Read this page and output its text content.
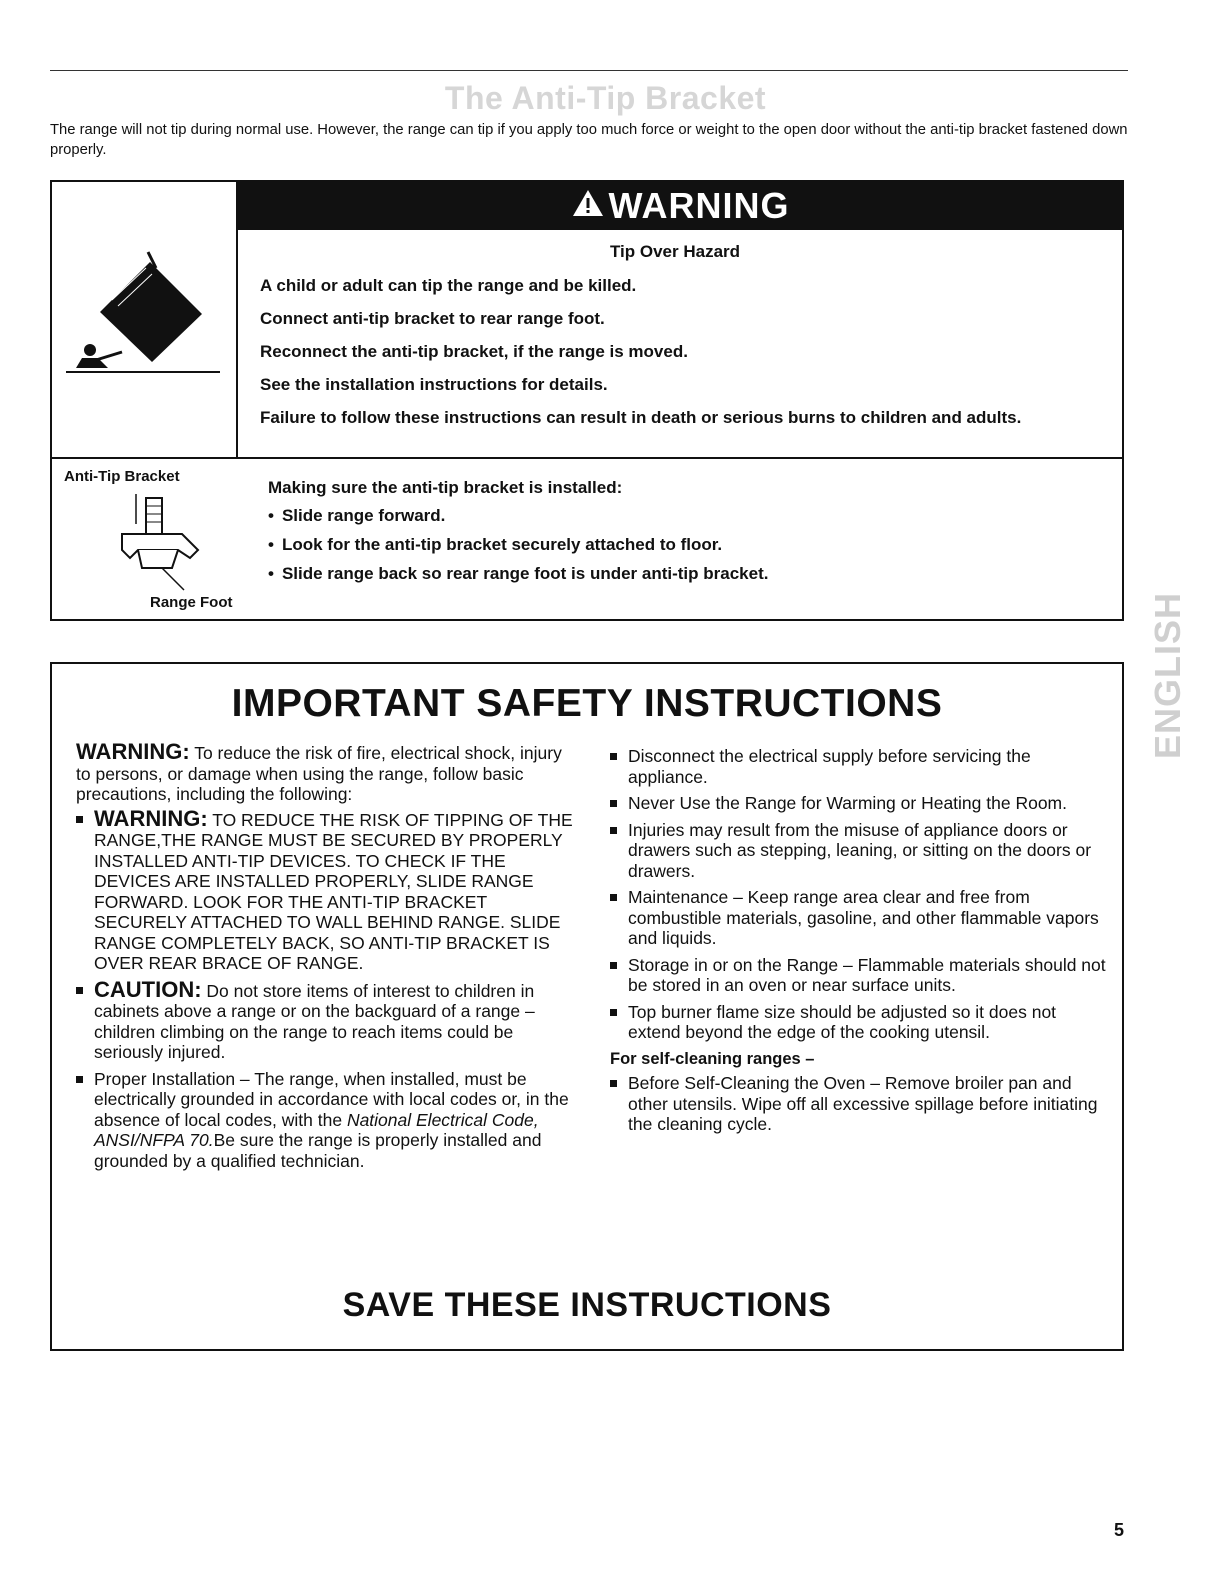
The Anti-Tip Bracket
The range will not tip during normal use. However, the range can tip if you apply too much force or weight to the open door without the anti-tip bracket fastened down properly.
WARNING
Tip Over Hazard

A child or adult can tip the range and be killed.

Connect anti-tip bracket to rear range foot.

Reconnect the anti-tip bracket, if the range is moved.

See the installation instructions for details.

Failure to follow these instructions can result in death or serious burns to children and adults.

Anti-Tip Bracket
Range Foot
Making sure the anti-tip bracket is installed:
• Slide range forward.
• Look for the anti-tip bracket securely attached to floor.
• Slide range back so rear range foot is under anti-tip bracket.
IMPORTANT SAFETY INSTRUCTIONS

WARNING: To reduce the risk of fire, electrical shock, injury to persons, or damage when using the range, follow basic precautions, including the following:

WARNING: TO REDUCE THE RISK OF TIPPING OF THE RANGE,THE RANGE MUST BE SECURED BY PROPERLY INSTALLED ANTI-TIP DEVICES. TO CHECK IF THE DEVICES ARE INSTALLED PROPERLY, SLIDE RANGE FORWARD. LOOK FOR THE ANTI-TIP BRACKET SECURELY ATTACHED TO WALL BEHIND RANGE. SLIDE RANGE COMPLETELY BACK, SO ANTI-TIP BRACKET IS OVER REAR BRACE OF RANGE.
CAUTION: Do not store items of interest to children in cabinets above a range or on the backguard of a range – children climbing on the range to reach items could be seriously injured.
Proper Installation – The range, when installed, must be electrically grounded in accordance with local codes or, in the absence of local codes, with the National Electrical Code, ANSI/NFPA 70.Be sure the range is properly installed and grounded by a qualified technician.
Disconnect the electrical supply before servicing the appliance.
Never Use the Range for Warming or Heating the Room.
Injuries may result from the misuse of appliance doors or drawers such as stepping, leaning, or sitting on the doors or drawers.
Maintenance – Keep range area clear and free from combustible materials, gasoline, and other flammable vapors and liquids.
Storage in or on the Range – Flammable materials should not be stored in an oven or near surface units.
Top burner flame size should be adjusted so it does not extend beyond the edge of the cooking utensil.
For self-cleaning ranges –
Before Self-Cleaning the Oven – Remove broiler pan and other utensils. Wipe off all excessive spillage before initiating the cleaning cycle.
SAVE THESE INSTRUCTIONS
ENGLISH
5
